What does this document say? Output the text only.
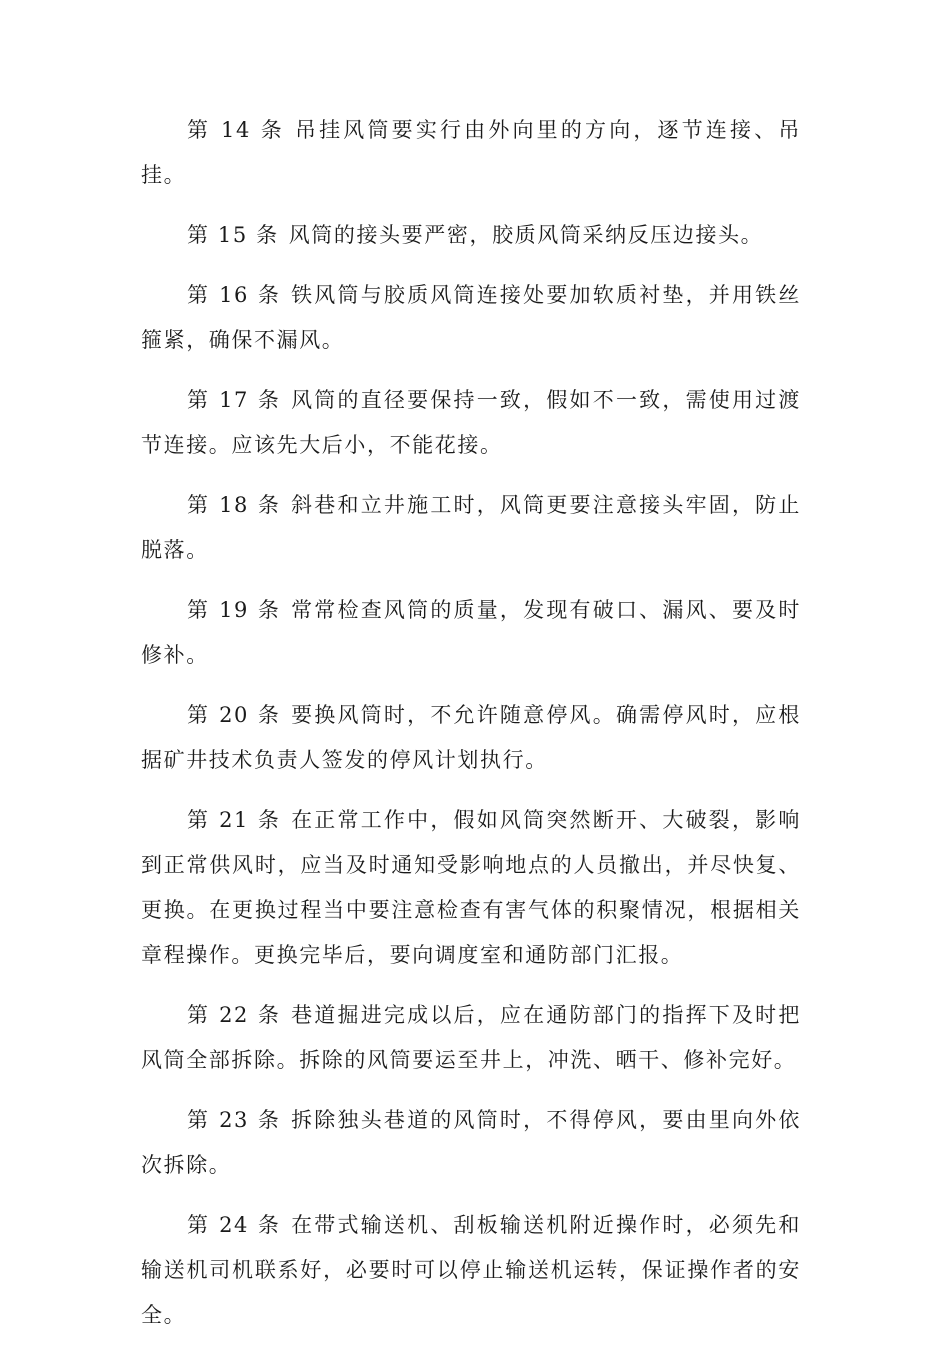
第 14 条 吊挂风筒要实行由外向里的方向，逐节连接、吊挂。

第 15 条 风筒的接头要严密，胶质风筒采纳反压边接头。

第 16 条 铁风筒与胶质风筒连接处要加软质衬垫，并用铁丝箍紧，确保不漏风。

第 17 条 风筒的直径要保持一致，假如不一致，需使用过渡节连接。应该先大后小，不能花接。

第 18 条 斜巷和立井施工时，风筒更要注意接头牢固，防止脱落。

第 19 条 常常检查风筒的质量，发现有破口、漏风、要及时修补。

第 20 条 要换风筒时，不允许随意停风。确需停风时，应根据矿井技术负责人签发的停风计划执行。

第 21 条 在正常工作中，假如风筒突然断开、大破裂，影响到正常供风时，应当及时通知受影响地点的人员撤出，并尽快复、更换。在更换过程当中要注意检查有害气体的积聚情况，根据相关章程操作。更换完毕后，要向调度室和通防部门汇报。

第 22 条 巷道掘进完成以后，应在通防部门的指挥下及时把风筒全部拆除。拆除的风筒要运至井上，冲洗、晒干、修补完好。

第 23 条 拆除独头巷道的风筒时，不得停风，要由里向外依次拆除。

第 24 条 在带式输送机、刮板输送机附近操作时，必须先和输送机司机联系好，必要时可以停止输送机运转，保证操作者的安全。
